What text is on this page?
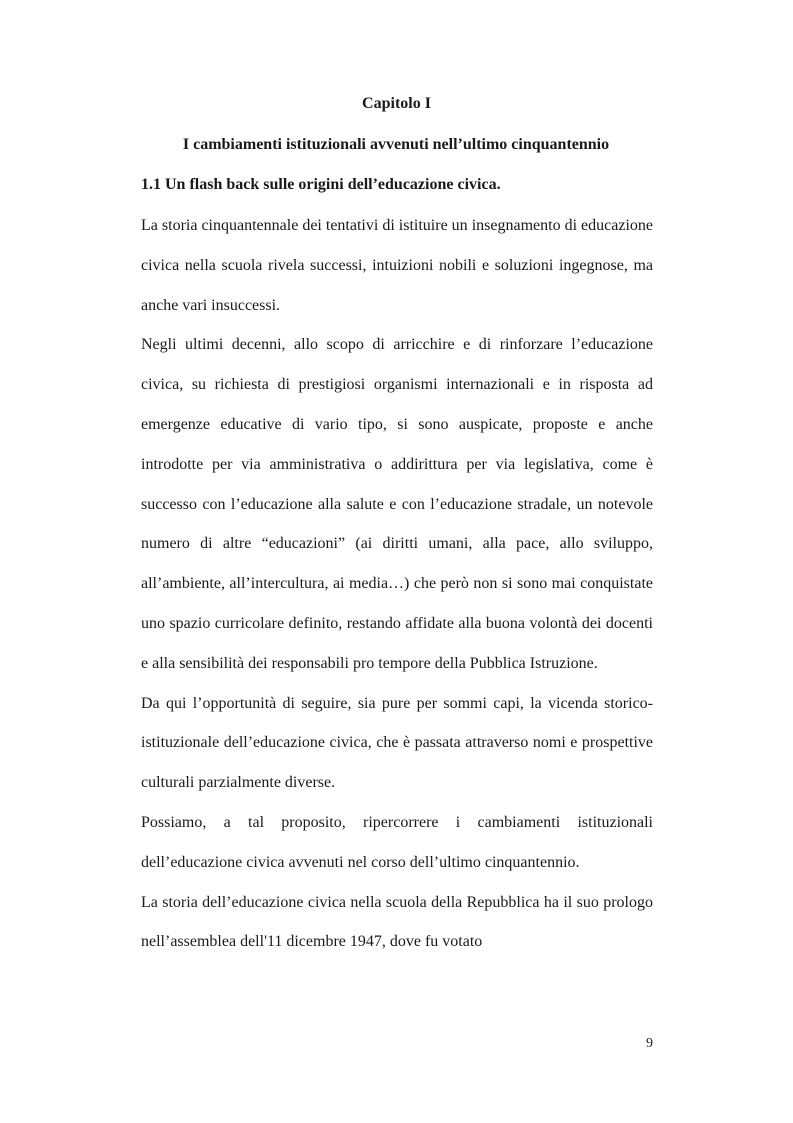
Capitolo I
I cambiamenti istituzionali avvenuti nell’ultimo cinquantennio
1.1 Un flash back sulle origini dell’educazione civica.

La storia cinquantennale dei tentativi di istituire un insegnamento di educazione civica nella scuola rivela successi, intuizioni nobili e soluzioni ingegnose, ma anche vari insuccessi.

Negli ultimi decenni, allo scopo di arricchire e di rinforzare l’educazione civica, su richiesta di prestigiosi organismi internazionali e in risposta ad emergenze educative di vario tipo, si sono auspicate, proposte e anche introdotte per via amministrativa o addirittura per via legislativa, come è successo con l’educazione alla salute e con l’educazione stradale, un notevole numero di altre “educazioni” (ai diritti umani, alla pace, allo sviluppo, all’ambiente, all’intercultura, ai media…) che però non si sono mai conquistate uno spazio curricolare definito, restando affidate alla buona volontà dei docenti e alla sensibilità dei responsabili pro tempore della Pubblica Istruzione.

Da qui l’opportunità di seguire, sia pure per sommi capi, la vicenda storico-istituzionale dell’educazione civica, che è passata attraverso nomi e prospettive culturali parzialmente diverse.

Possiamo, a tal proposito, ripercorrere i cambiamenti istituzionali dell’educazione civica avvenuti nel corso dell’ultimo cinquantennio.

La storia dell’educazione civica nella scuola della Repubblica ha il suo prologo nell’assemblea dell'11 dicembre 1947, dove fu votato

9
